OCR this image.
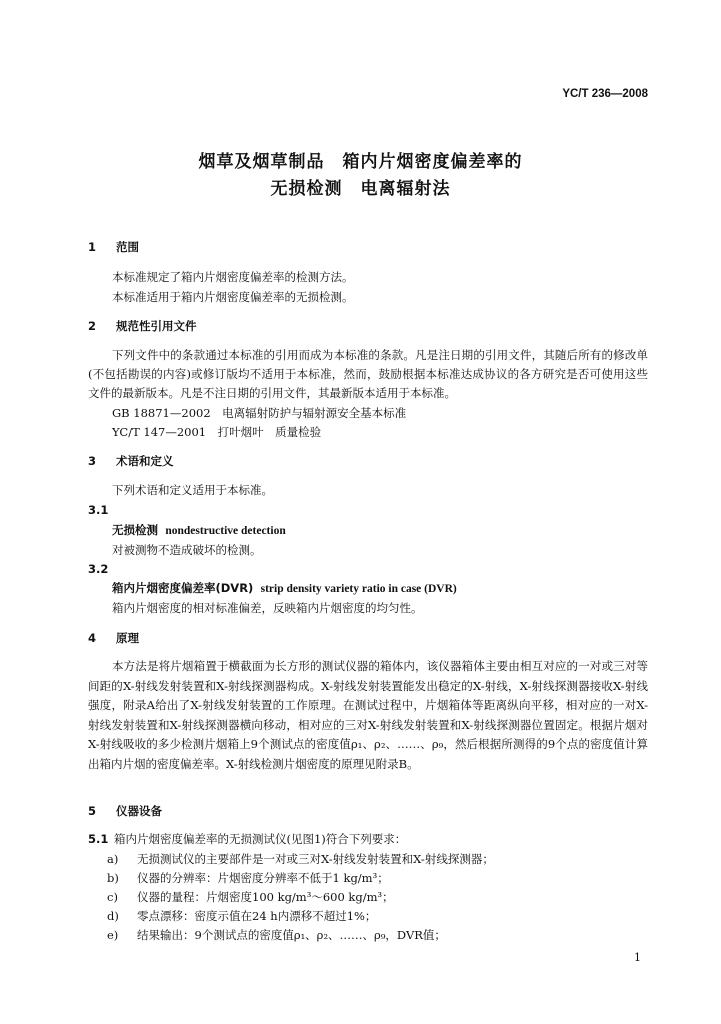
YC/T 236—2008
烟草及烟草制品　箱内片烟密度偏差率的
无损检测　电离辐射法
1 范围
本标准规定了箱内片烟密度偏差率的检测方法。
本标准适用于箱内片烟密度偏差率的无损检测。
2 规范性引用文件
下列文件中的条款通过本标准的引用而成为本标准的条款。凡是注日期的引用文件，其随后所有的修改单(不包括勘误的内容)或修订版均不适用于本标准，然而，鼓励根据本标准达成协议的各方研究是否可使用这些文件的最新版本。凡是不注日期的引用文件，其最新版本适用于本标准。
GB 18871—2002　电离辐射防护与辐射源安全基本标准
YC/T 147—2001　打叶烟叶　质量检验
3 术语和定义
下列术语和定义适用于本标准。
3.1
无损检测 nondestructive detection
对被测物不造成破坏的检测。
3.2
箱内片烟密度偏差率(DVR) strip density variety ratio in case (DVR)
箱内片烟密度的相对标准偏差，反映箱内片烟密度的均匀性。
4 原理
本方法是将片烟箱置于横截面为长方形的测试仪器的箱体内，该仪器箱体主要由相互对应的一对或三对等间距的X-射线发射装置和X-射线探测器构成。X-射线发射装置能发出稳定的X-射线，X-射线探测器接收X-射线强度，附录A给出了X-射线发射装置的工作原理。在测试过程中，片烟箱体等距离纵向平移，相对应的一对X-射线发射装置和X-射线探测器横向移动，相对应的三对X-射线发射装置和X-射线探测器位置固定。根据片烟对X-射线吸收的多少检测片烟箱上9个测试点的密度值ρ₁、ρ₂、……、ρ₉，然后根据所测得的9个点的密度值计算出箱内片烟的密度偏差率。X-射线检测片烟密度的原理见附录B。
5 仪器设备
5.1 箱内片烟密度偏差率的无损测试仪(见图1)符合下列要求：
a) 无损测试仪的主要部件是一对或三对X-射线发射装置和X-射线探测器；
b) 仪器的分辨率：片烟密度分辨率不低于1 kg/m³；
c) 仪器的量程：片烟密度100 kg/m³～600 kg/m³；
d) 零点漂移：密度示值在24 h内漂移不超过1%；
e) 结果输出：9个测试点的密度值ρ₁、ρ₂、……、ρ₉，DVR值；
1
